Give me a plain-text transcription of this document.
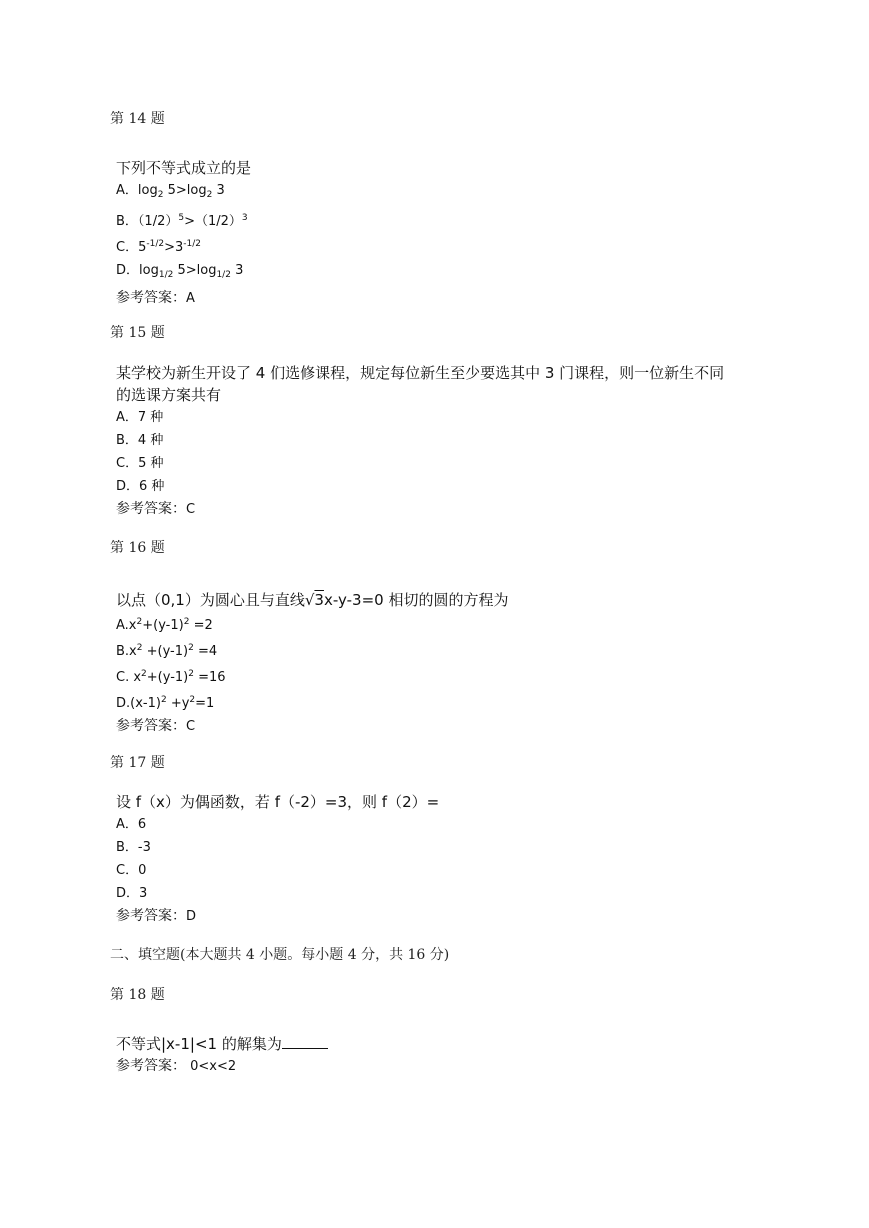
第 14 题
下列不等式成立的是
A．$\log_2 5>\log_2$ 3
B．$(1/2)^5>(1/2)^3$
C．$5^{-1/2}>3^{-1/2}$
D．$\log_{1/2} 5>\log_{1/2}$ 3
参考答案：A
第 15 题
某学校为新生开设了 4 们选修课程，规定每位新生至少要选其中 3 门课程，则一位新生不同
的选课方案共有
A．7 种
B．4 种
C．5 种
D．6 种
参考答案：C
第 16 题
以点（0,1）为圆心且与直线√3x-y-3=0 相切的圆的方程为
$A.x^2+(y-1)^2 =2$
$B.x^2 +(y-1)^2 =4$
C. $x^2+(y-1)^2 =16$
$D.(x-1)^2 +y^2=1$
参考答案：C
第 17 题
设 f（x）为偶函数，若 f（-2）=3，则 f（2）=
A．6
B．-3
C．0
D．3
参考答案：D
二、填空题(本大题共 4 小题。每小题 4 分，共 16 分)
第 18 题
不等式|x-1|<1 的解集为
参考答案： 0<x<2
